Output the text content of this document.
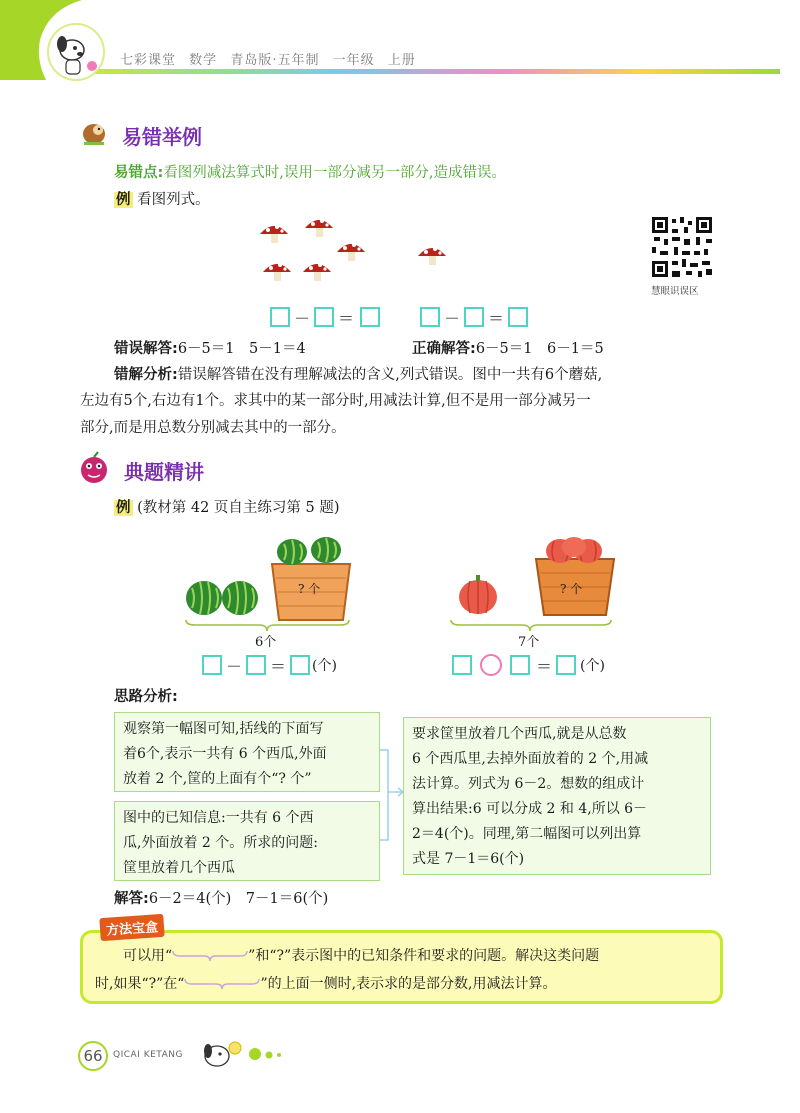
七彩课堂 数学 青岛版·五年制 一年级 上册
易错举例
易错点:看图列减法算式时,误用一部分减另一部分,造成错误。
例 看图列式。
慧眼识误区
－ ＝	－ ＝
错误解答:6－5＝1　5－1＝4	正确解答:6－5＝1　6－1＝5
错解分析:错误解答错在没有理解减法的含义,列式错误。图中一共有6个蘑菇,
左边有5个,右边有1个。求其中的某一部分时,用减法计算,但不是用一部分减另一
部分,而是用总数分别减去其中的一部分。
典题精讲
例 (教材第 42 页自主练习第 5 题)
? 个
6个
? 个
7个
－ ＝ (个)	＝ (个)
思路分析:
观察第一幅图可知,括线的下面写
着6个,表示一共有 6 个西瓜,外面
放着 2 个,筐的上面有个“? 个”
图中的已知信息:一共有 6 个西
瓜,外面放着 2 个。所求的问题:
筐里放着几个西瓜
要求筐里放着几个西瓜,就是从总数
6 个西瓜里,去掉外面放着的 2 个,用减
法计算。列式为 6－2。想数的组成计
算出结果:6 可以分成 2 和 4,所以 6－
2＝4(个)。同理,第二幅图可以列出算
式是 7－1＝6(个)
解答:6－2＝4(个)　7－1＝6(个)
可以用“	”和“?”表示图中的已知条件和要求的问题。解决这类问题
时,如果“?”在“	”的上面一侧时,表示求的是部分数,用减法计算。
方法宝盒
66	QICAI KETANG
